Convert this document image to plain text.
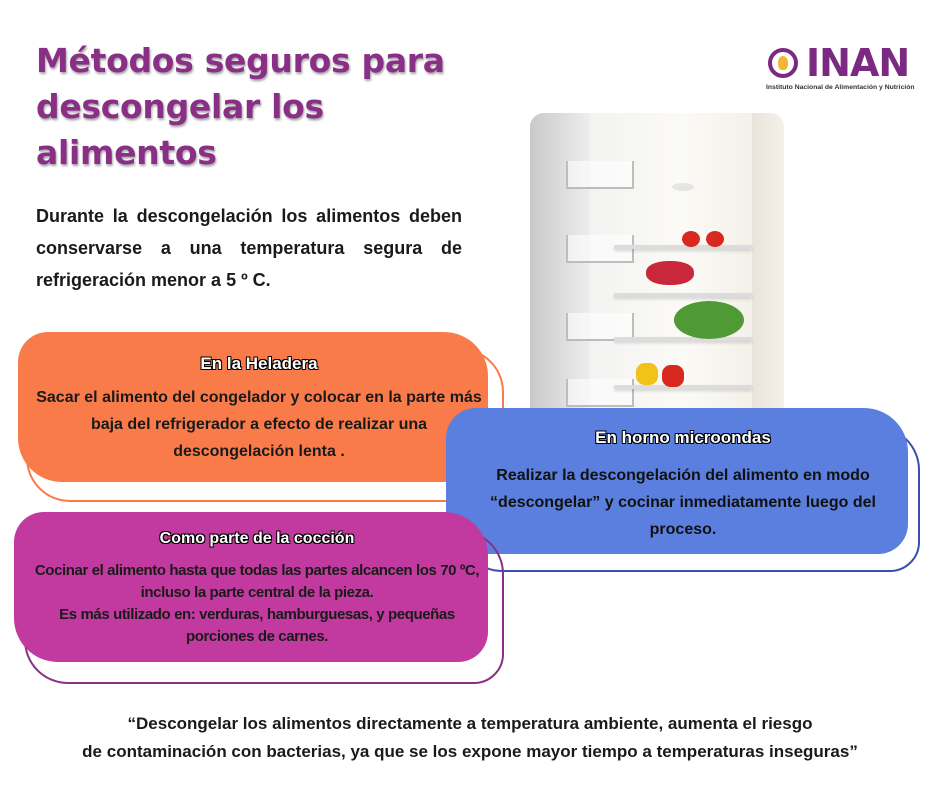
Métodos seguros para
descongelar los
alimentos
INAN
Instituto Nacional de Alimentación y Nutrición

Durante la descongelación los alimentos deben conservarse a una temperatura segura de refrigeración menor a 5 º C.

En la Heladera

Sacar el alimento del congelador y colocar en la parte más baja del refrigerador a efecto de realizar una descongelación lenta .

En horno microondas

Realizar la descongelación del alimento en modo “descongelar” y cocinar inmediatamente luego del proceso.

Como parte de la cocción

Cocinar el alimento hasta que todas las partes alcancen los 70 ºC, incluso la parte central de la pieza.
Es más utilizado en: verduras, hamburguesas, y pequeñas porciones de carnes.

“Descongelar los alimentos directamente a temperatura ambiente, aumenta el riesgo
de contaminación con bacterias, ya que se los expone mayor tiempo a temperaturas inseguras”
